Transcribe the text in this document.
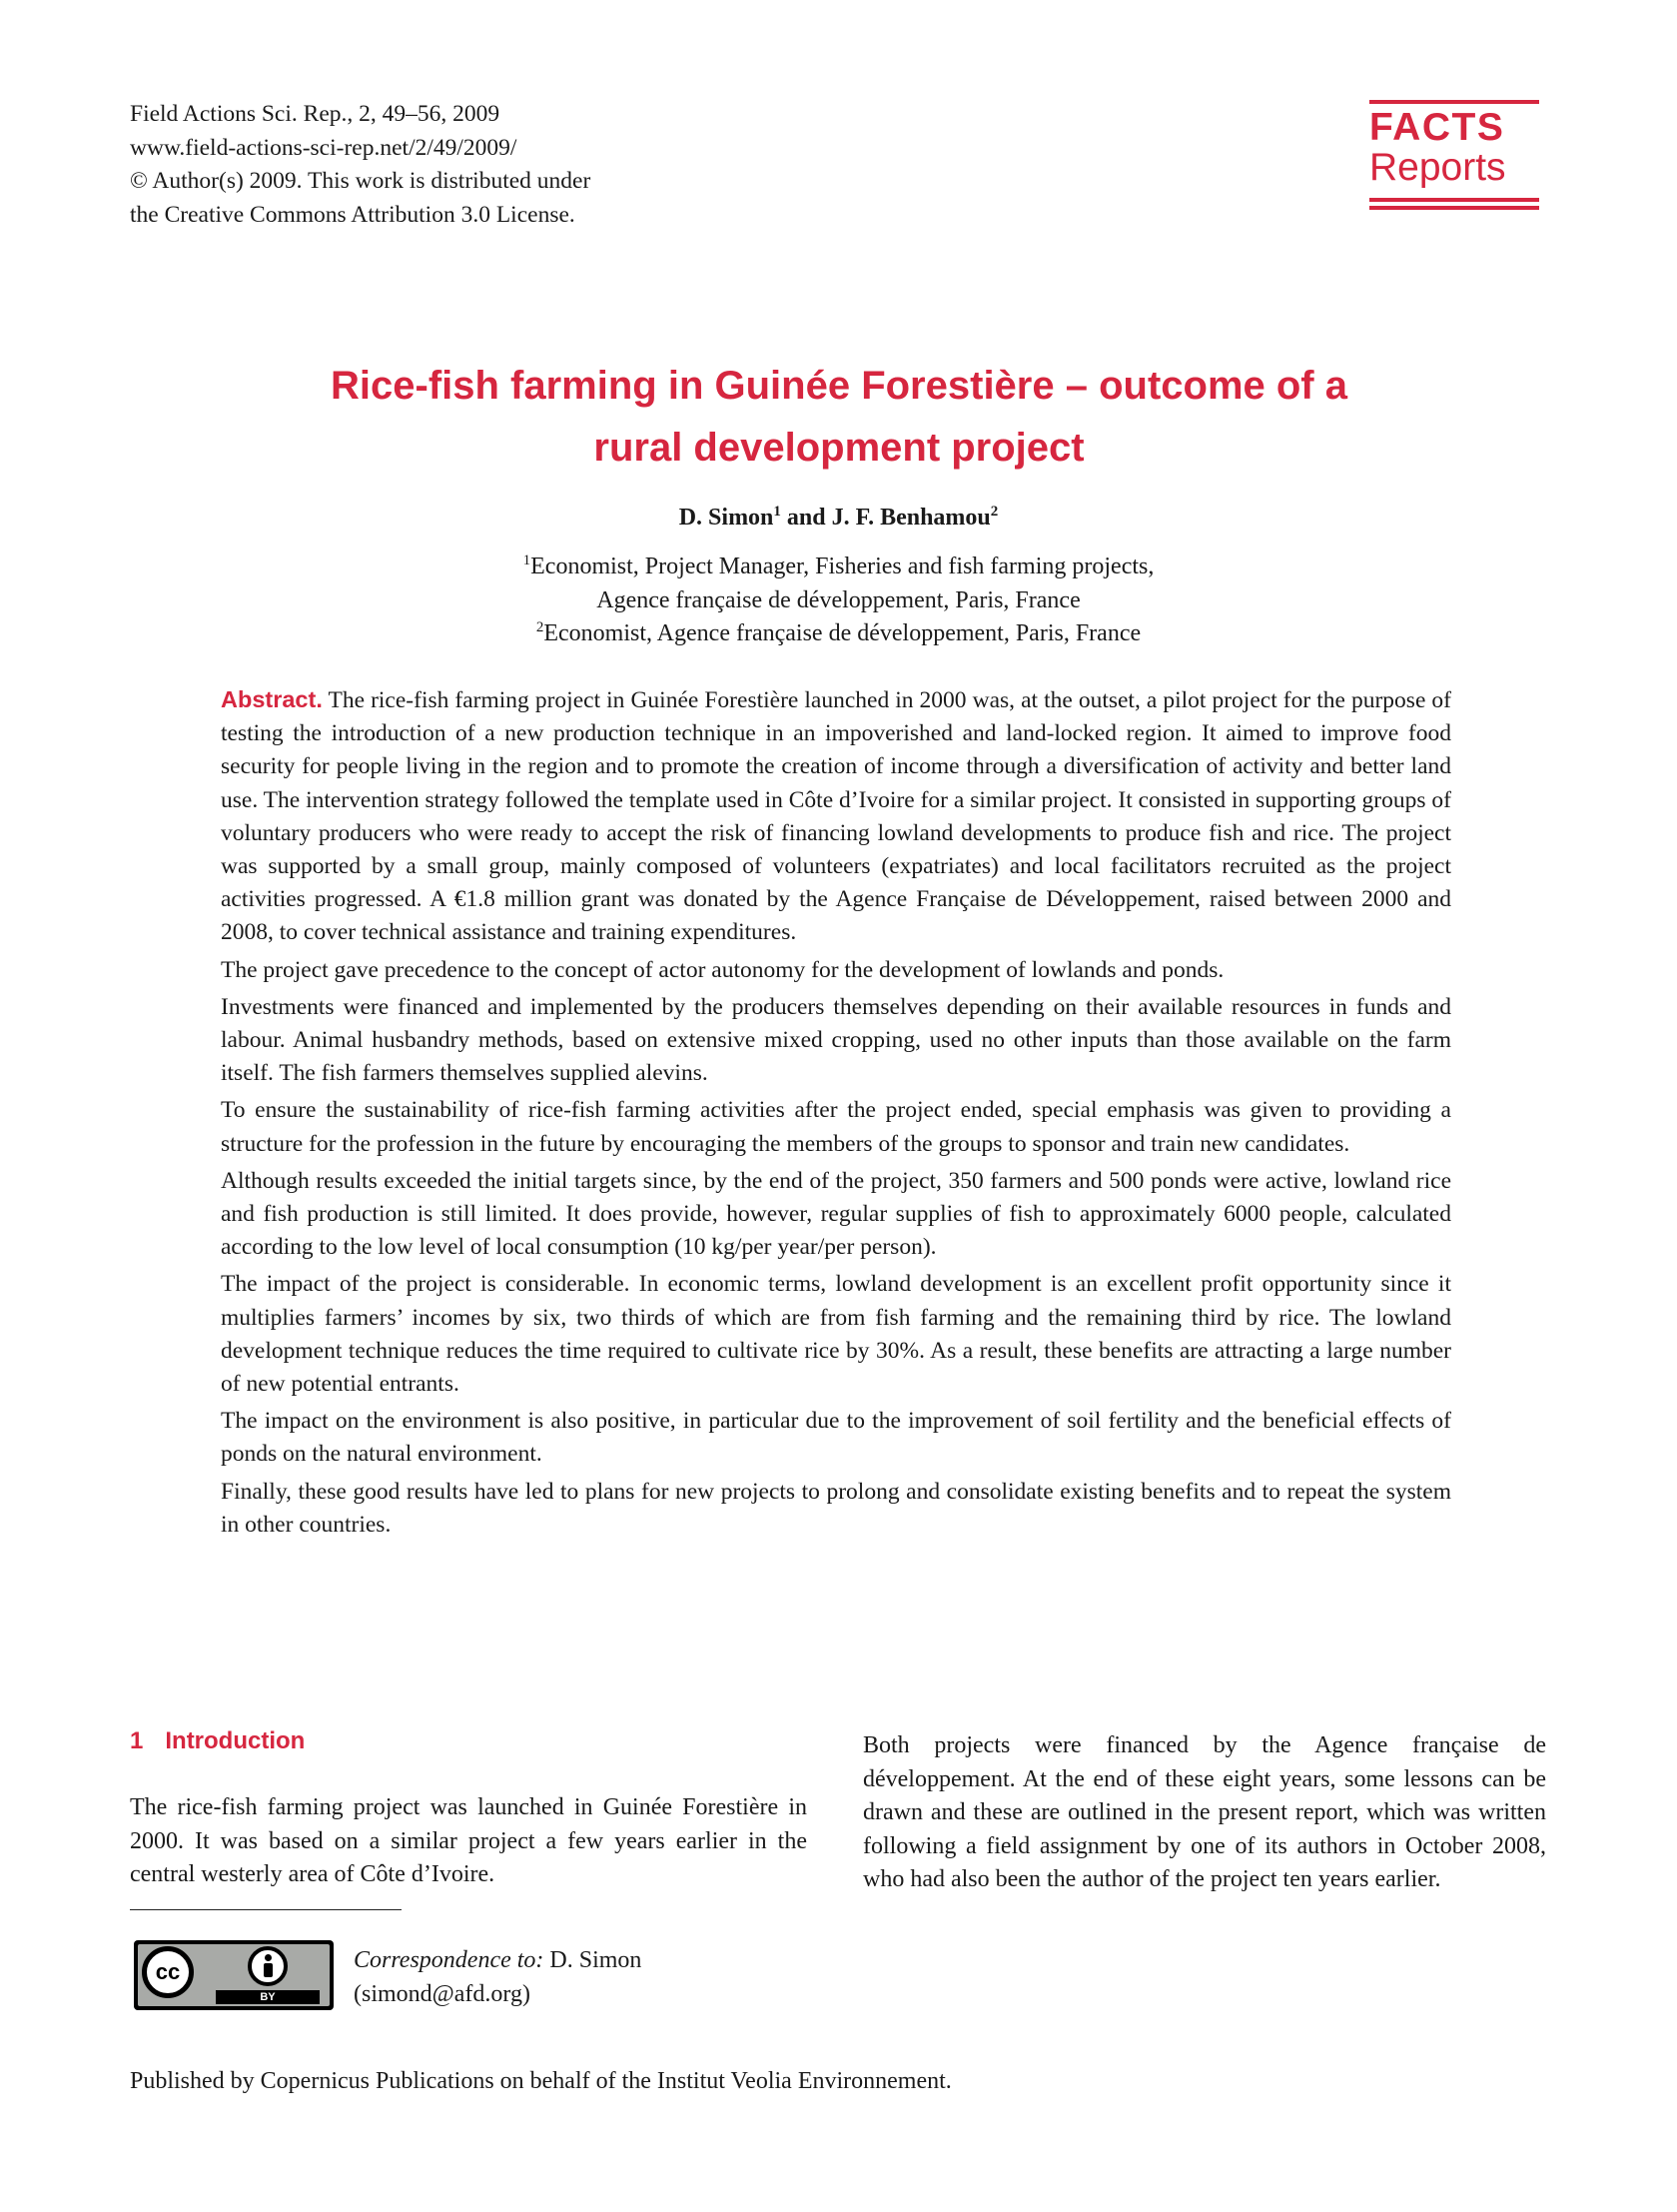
Field Actions Sci. Rep., 2, 49–56, 2009
www.field-actions-sci-rep.net/2/49/2009/
© Author(s) 2009. This work is distributed under
the Creative Commons Attribution 3.0 License.
FACTS
Reports
Rice-fish farming in Guinée Forestière – outcome of a
rural development project
D. Simon$^1$ and J. F. Benhamou$^2$
$^1$Economist, Project Manager, Fisheries and fish farming projects,
Agence française de développement, Paris, France
$^2$Economist, Agence française de développement, Paris, France

Abstract. The rice-fish farming project in Guinée Forestière launched in 2000 was, at the outset, a pilot project for the purpose of testing the introduction of a new production technique in an impoverished and land-locked region. It aimed to improve food security for people living in the region and to promote the creation of income through a diversification of activity and better land use. The intervention strategy followed the template used in Côte d’Ivoire for a similar project. It consisted in supporting groups of voluntary producers who were ready to accept the risk of financing lowland developments to produce fish and rice. The project was supported by a small group, mainly composed of volunteers (expatriates) and local facilitators recruited as the project activities progressed. A €1.8 million grant was donated by the Agence Française de Développement, raised between 2000 and 2008, to cover technical assistance and training expenditures.

The project gave precedence to the concept of actor autonomy for the development of lowlands and ponds.

Investments were financed and implemented by the producers themselves depending on their available resources in funds and labour. Animal husbandry methods, based on extensive mixed cropping, used no other inputs than those available on the farm itself. The fish farmers themselves supplied alevins.

To ensure the sustainability of rice-fish farming activities after the project ended, special emphasis was given to providing a structure for the profession in the future by encouraging the members of the groups to sponsor and train new candidates.

Although results exceeded the initial targets since, by the end of the project, 350 farmers and 500 ponds were active, lowland rice and fish production is still limited. It does provide, however, regular supplies of fish to approximately 6000 people, calculated according to the low level of local consumption (10 kg/per year/per person).

The impact of the project is considerable. In economic terms, lowland development is an excellent profit opportunity since it multiplies farmers’ incomes by six, two thirds of which are from fish farming and the remaining third by rice. The lowland development technique reduces the time required to cultivate rice by 30%. As a result, these benefits are attracting a large number of new potential entrants.

The impact on the environment is also positive, in particular due to the improvement of soil fertility and the beneficial effects of ponds on the natural environment.

Finally, these good results have led to plans for new projects to prolong and consolidate existing benefits and to repeat the system in other countries.

1 Introduction
The rice-fish farming project was launched in Guinée Forestière in 2000. It was based on a similar project a few years earlier in the central westerly area of Côte d’Ivoire.
Both projects were financed by the Agence française de développement. At the end of these eight years, some lessons can be drawn and these are outlined in the present report, which was written following a field assignment by one of its authors in October 2008, who had also been the author of the project ten years earlier.
cc
BY
Correspondence to: D. Simon
(simond@afd.org)
Published by Copernicus Publications on behalf of the Institut Veolia Environnement.
